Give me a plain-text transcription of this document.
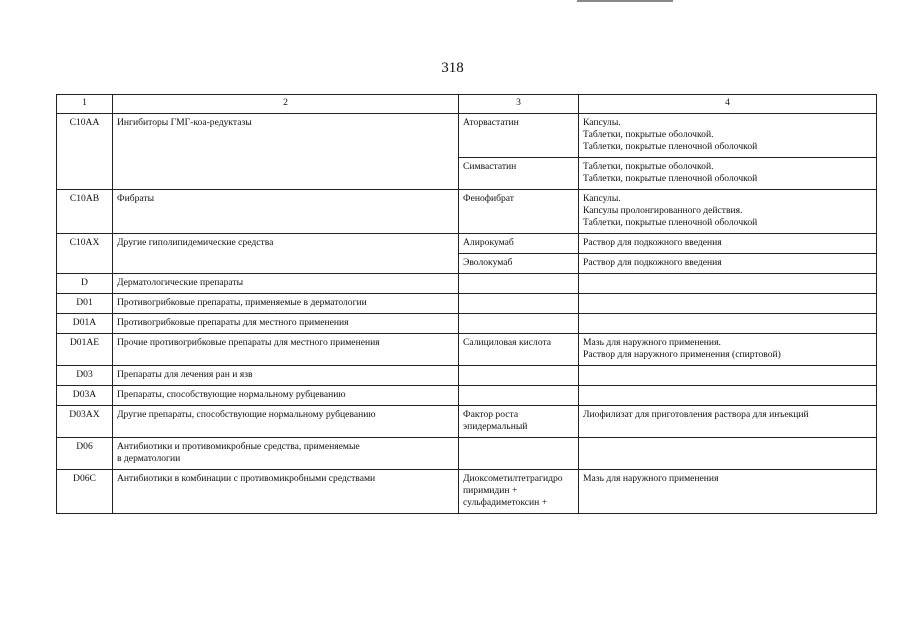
318
1	2	3	4
C10AA	Ингибиторы ГМГ-коа-редуктазы	Аторвастатин	Капсулы.
Таблетки, покрытые оболочкой.
Таблетки, покрытые пленочной оболочкой

		Симвастатин	Таблетки, покрытые оболочкой.
Таблетки, покрытые пленочной оболочкой

C10AB	Фибраты	Фенофибрат	Капсулы.
Капсулы пролонгированного действия.
Таблетки, покрытые пленочной оболочкой

C10AX	Другие гиполипидемические средства	Алирокумаб	Раствор для подкожного введения

		Эволокумаб	Раствор для подкожного введения

D	Дерматологические препараты		
D01	Противогрибковые препараты, применяемые в дерматологии		
D01A	Противогрибковые препараты для местного применения		
D01AE	Прочие противогрибковые препараты для местного применения	Салициловая кислота	Мазь для наружного применения.
Раствор для наружного применения (спиртовой)

D03	Препараты для лечения ран и язв		
D03A	Препараты, способствующие нормальному рубцеванию		
D03AX	Другие препараты, способствующие нормальному рубцеванию	Фактор роста
эпидермальный	Лиофилизат для приготовления раствора для инъекций

D06	Антибиотики и противомикробные средства, применяемые
в дерматологии		

D06C	Антибиотики в комбинации с противомикробными средствами	Диоксометилтетрагидро
пиримидин +
сульфадиметоксин +	Мазь для наружного применения
